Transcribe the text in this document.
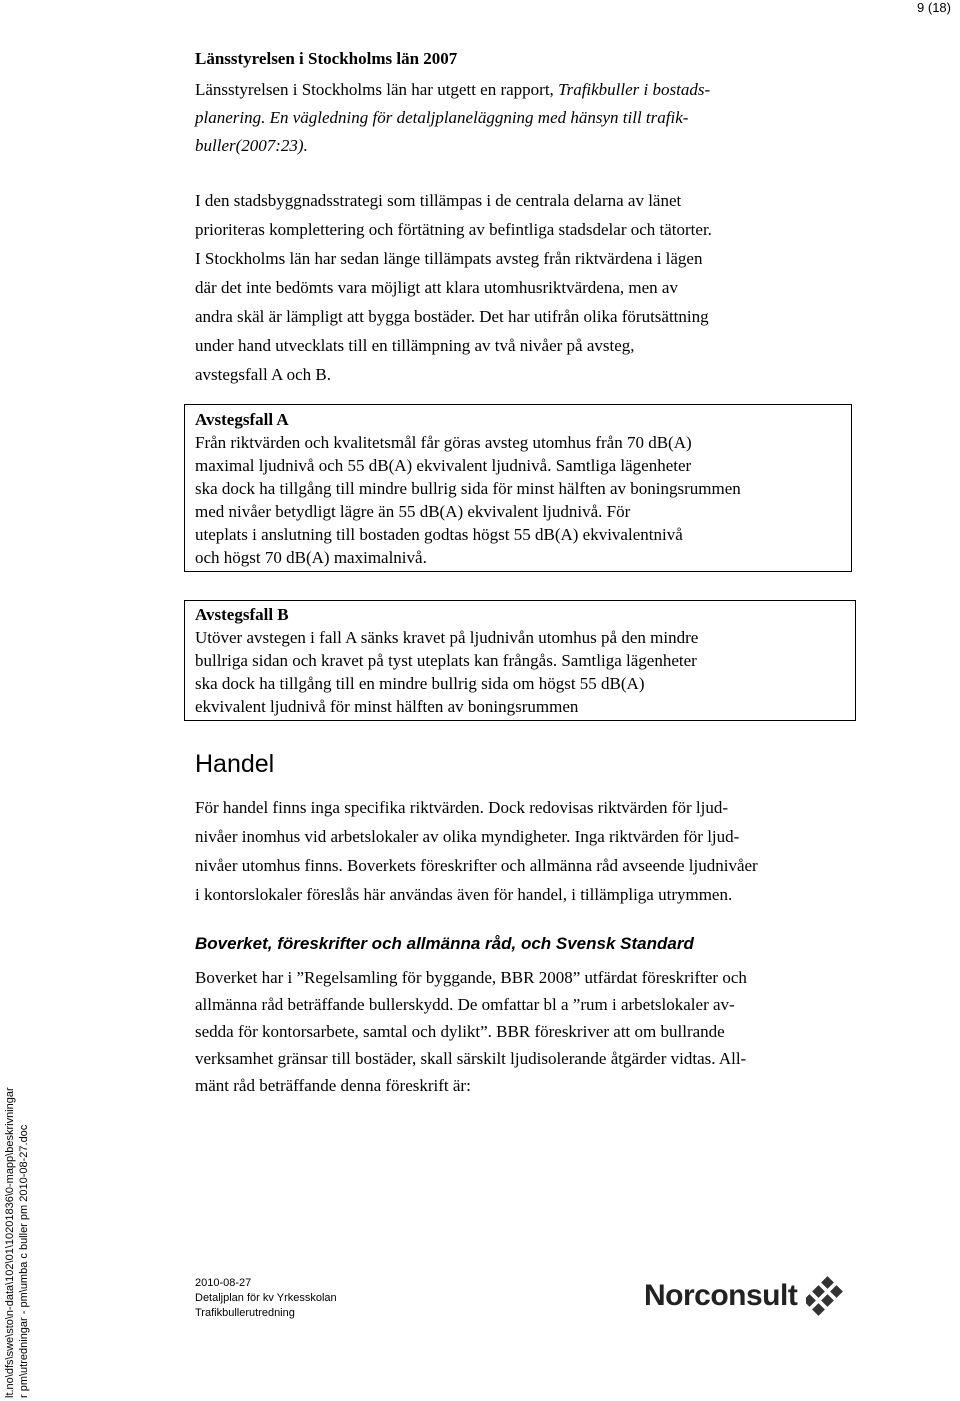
9 (18)
Länsstyrelsen i Stockholms län 2007
Länsstyrelsen i Stockholms län har utgett en rapport, Trafikbuller i bostads-
planering. En vägledning för detaljplaneläggning med hänsyn till trafik-
buller(2007:23).
I den stadsbyggnadsstrategi som tillämpas i de centrala delarna av länet
prioriteras komplettering och förtätning av befintliga stadsdelar och tätorter.
I Stockholms län har sedan länge tillämpats avsteg från riktvärdena i lägen
där det inte bedömts vara möjligt att klara utomhusriktvärdena, men av
andra skäl är lämpligt att bygga bostäder. Det har utifrån olika förutsättning
under hand utvecklats till en tillämpning av två nivåer på avsteg,
avstegsfall A och B.
Avstegsfall A
Från riktvärden och kvalitetsmål får göras avsteg utomhus från 70 dB(A)
maximal ljudnivå och 55 dB(A) ekvivalent ljudnivå. Samtliga lägenheter
ska dock ha tillgång till mindre bullrig sida för minst hälften av boningsrummen
med nivåer betydligt lägre än 55 dB(A) ekvivalent ljudnivå. För
uteplats i anslutning till bostaden godtas högst 55 dB(A) ekvivalentnivå
och högst 70 dB(A) maximalnivå.
Avstegsfall B
Utöver avstegen i fall A sänks kravet på ljudnivån utomhus på den mindre
bullriga sidan och kravet på tyst uteplats kan frångås. Samtliga lägenheter
ska dock ha tillgång till en mindre bullrig sida om högst 55 dB(A)
ekvivalent ljudnivå för minst hälften av boningsrummen
Handel
För handel finns inga specifika riktvärden. Dock redovisas riktvärden för ljud-
nivåer inomhus vid arbetslokaler av olika myndigheter. Inga riktvärden för ljud-
nivåer utomhus finns. Boverkets föreskrifter och allmänna råd avseende ljudnivåer
i kontorslokaler föreslås här användas även för handel, i tillämpliga utrymmen.
Boverket, föreskrifter och allmänna råd, och Svensk Standard
Boverket har i ”Regelsamling för byggande, BBR 2008” utfärdat föreskrifter och
allmänna råd beträffande bullerskydd. De omfattar bl a ”rum i arbetslokaler av-
sedda för kontorsarbete, samtal och dylikt”. BBR föreskriver att om bullrande
verksamhet gränsar till bostäder, skall särskilt ljudisolerande åtgärder vidtas. All-
mänt råd beträffande denna föreskrift är:
2010-08-27
Detaljplan för kv Yrkesskolan
Trafikbullerutredning
Norconsult
lt.no\dfs\swe\sto\n-data\102\01\10201836\0-mapp\beskrivningar r pm\utredningar - pm\umba c buller pm 2010-08-27.doc
